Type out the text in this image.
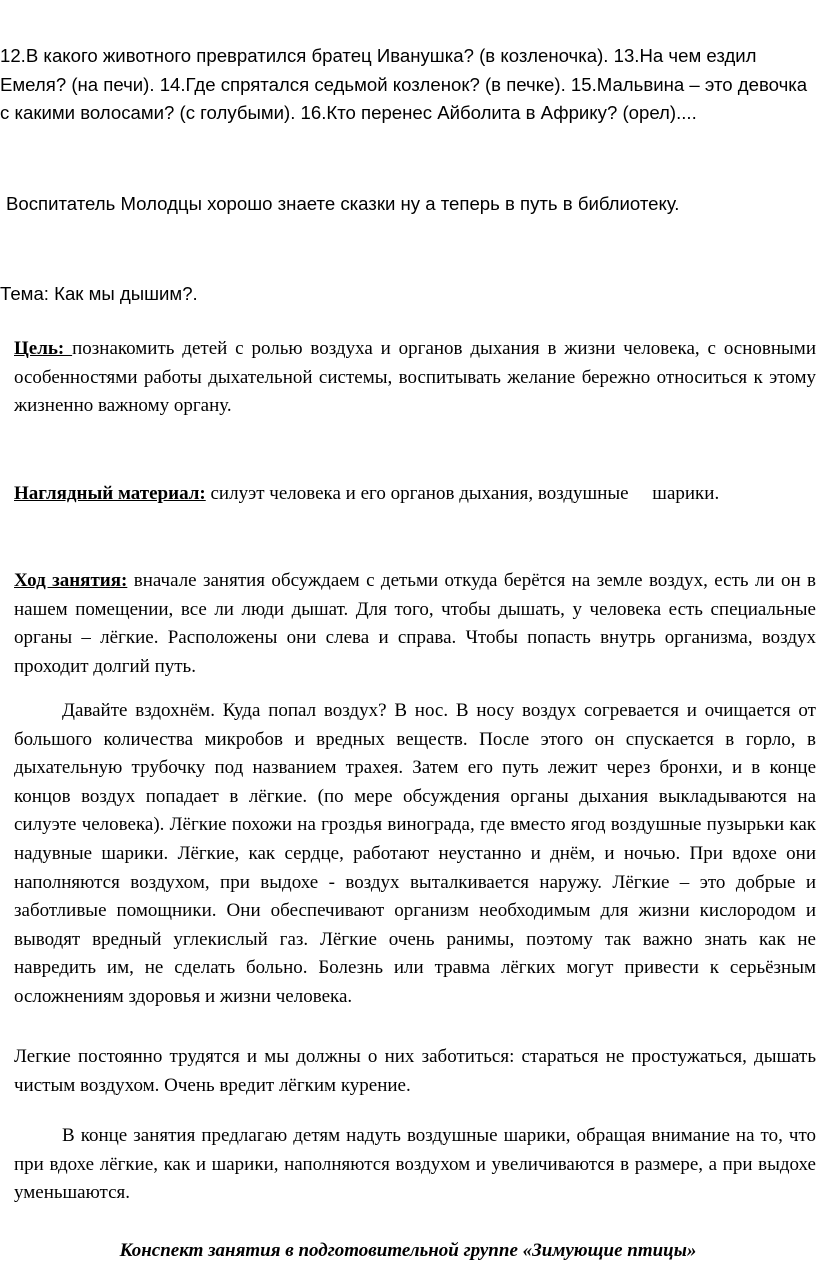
12.В какого животного превратился братец Иванушка? (в козленочка). 13.На чем ездил Емеля? (на печи). 14.Где спрятался седьмой козленок? (в печке). 15.Мальвина – это девочка с какими волосами? (с голубыми). 16.Кто перенес Айболита в Африку? (орел)....

Воспитатель Молодцы хорошо знаете сказки ну а теперь в путь в библиотеку.

Тема: Как мы дышим?.

Цель: познакомить детей с ролью воздуха и органов дыхания в жизни человека, с основными особенностями работы дыхательной системы, воспитывать желание бережно относиться к этому жизненно важному органу.

Наглядный материал: силуэт человека и его органов дыхания, воздушные     шарики.

Ход занятия: вначале занятия обсуждаем с детьми откуда берётся на земле воздух, есть ли он в нашем помещении, все ли люди дышат. Для того, чтобы дышать, у человека есть специальные органы – лёгкие. Расположены они слева и справа. Чтобы попасть внутрь организма, воздух проходит долгий путь.

Давайте вздохнём. Куда попал воздух? В нос. В носу воздух согревается и очищается от большого количества микробов и вредных веществ. После этого он спускается в горло, в дыхательную трубочку под названием трахея. Затем его путь лежит через бронхи, и в конце концов воздух попадает в лёгкие. (по мере обсуждения органы дыхания выкладываются на силуэте человека). Лёгкие похожи на гроздья винограда, где вместо ягод воздушные пузырьки как надувные шарики. Лёгкие, как сердце, работают неустанно и днём, и ночью. При вдохе они наполняются воздухом, при выдохе - воздух выталкивается наружу. Лёгкие – это добрые и заботливые помощники. Они обеспечивают организм необходимым для жизни кислородом и выводят вредный углекислый газ. Лёгкие очень ранимы, поэтому так важно знать как не навредить им, не сделать больно. Болезнь или травма лёгких могут привести к серьёзным осложнениям здоровья и жизни человека.

Легкие постоянно трудятся и мы должны о них заботиться: стараться не простужаться, дышать чистым воздухом. Очень вредит лёгким курение.

В конце занятия предлагаю детям надуть воздушные шарики, обращая внимание на то, что при вдохе лёгкие, как и шарики, наполняются воздухом и увеличиваются в размере, а при выдохе уменьшаются.

Конспект занятия в подготовительной группе «Зимующие птицы»
